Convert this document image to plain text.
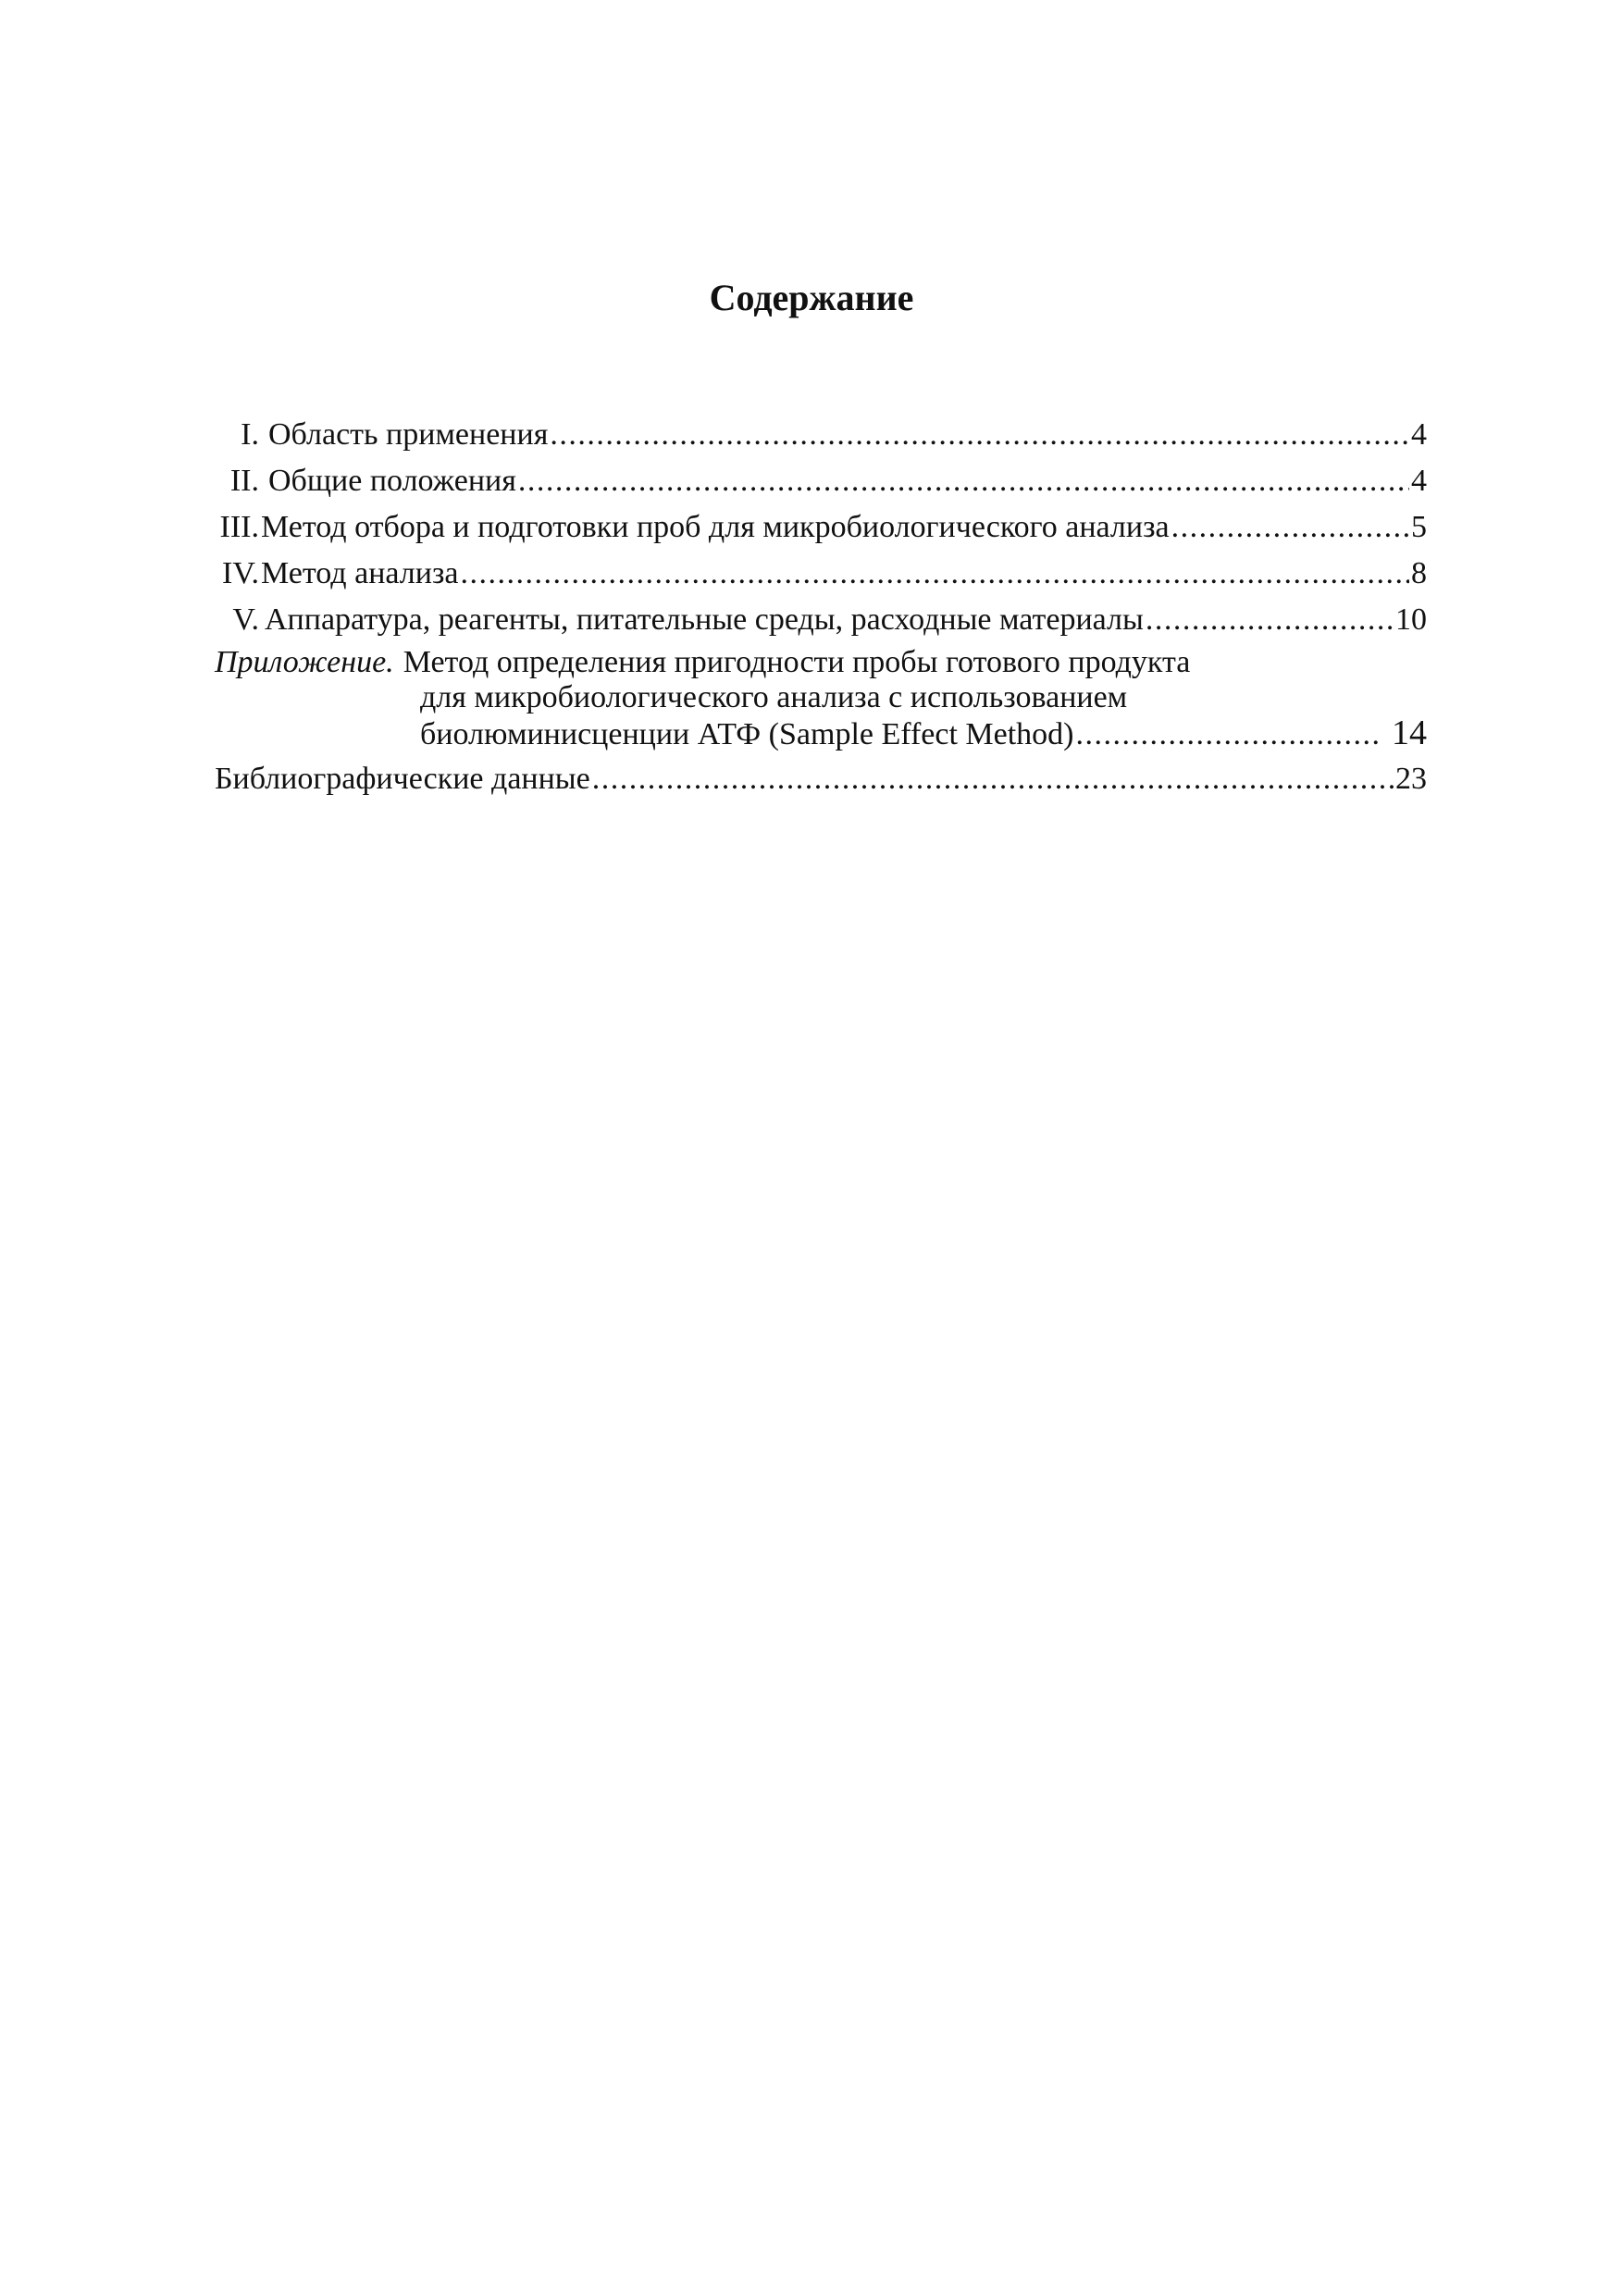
Содержание
I. Область применения .....	4
II. Общие положения .....	4
III. Метод отбора и подготовки проб для микробиологического анализа .....	5
IV. Метод анализа .....	8
V. Аппаратура, реагенты, питательные среды, расходные материалы .....	10
Приложение. Метод определения пригодности пробы готового продукта
для микробиологического анализа с использованием
биолюминисценции АТФ (Sample Effect Method) .....	14
Библиографические данные .....	23
